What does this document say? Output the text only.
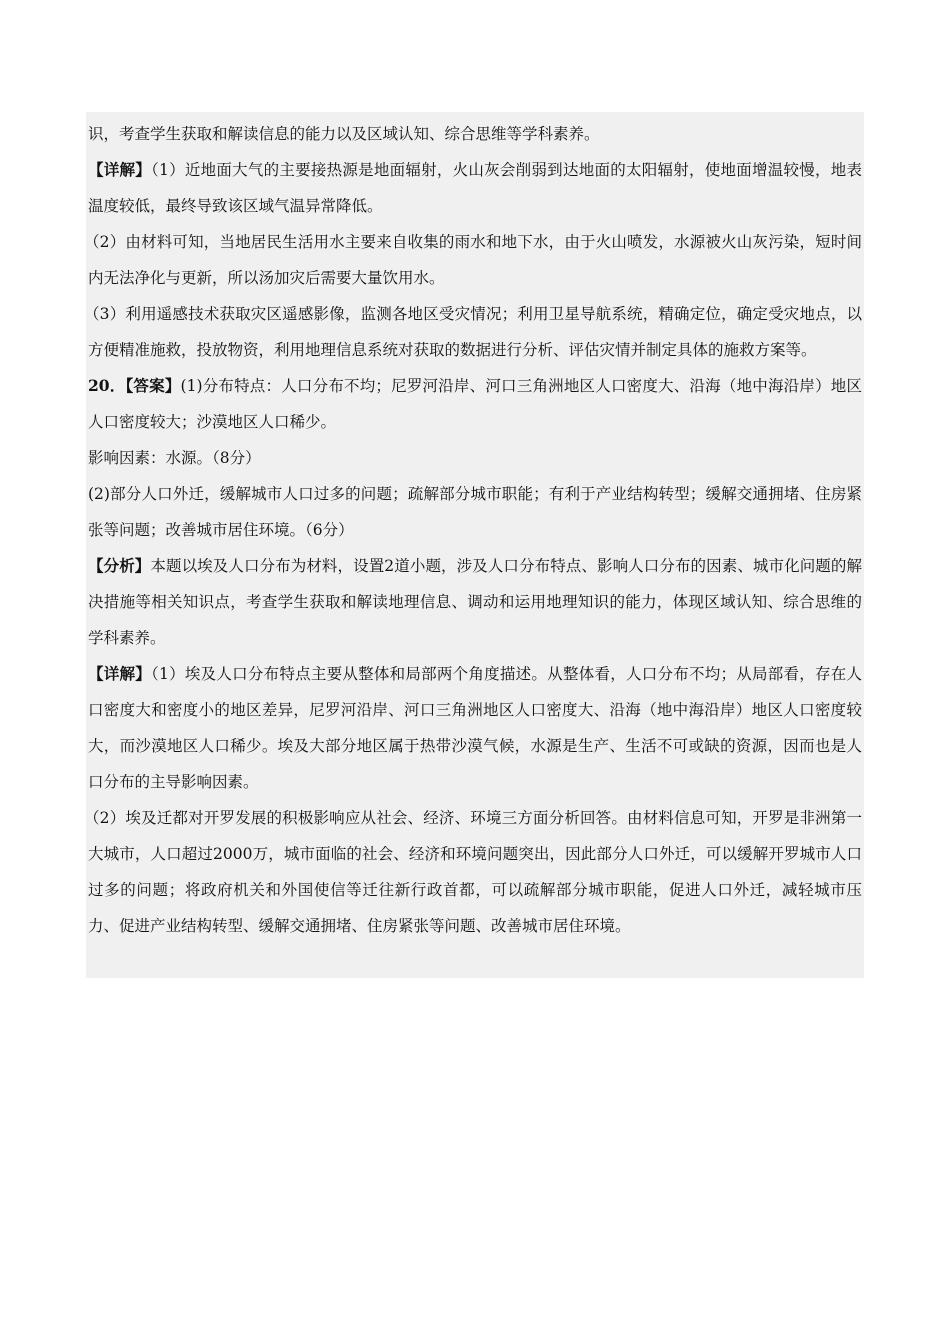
识，考查学生获取和解读信息的能力以及区域认知、综合思维等学科素养。

【详解】（1）近地面大气的主要接热源是地面辐射，火山灰会削弱到达地面的太阳辐射，使地面增温较慢，地表温度较低，最终导致该区域气温异常降低。

（2）由材料可知，当地居民生活用水主要来自收集的雨水和地下水，由于火山喷发，水源被火山灰污染，短时间内无法净化与更新，所以汤加灾后需要大量饮用水。

（3）利用遥感技术获取灾区遥感影像，监测各地区受灾情况；利用卫星导航系统，精确定位，确定受灾地点，以方便精准施救，投放物资，利用地理信息系统对获取的数据进行分析、评估灾情并制定具体的施救方案等。

20．【答案】(1)分布特点：人口分布不均；尼罗河沿岸、河口三角洲地区人口密度大、沿海（地中海沿岸）地区人口密度较大；沙漠地区人口稀少。

影响因素：水源。（8分）

(2)部分人口外迁，缓解城市人口过多的问题；疏解部分城市职能；有利于产业结构转型；缓解交通拥堵、住房紧张等问题；改善城市居住环境。（6分）

【分析】本题以埃及人口分布为材料，设置2道小题，涉及人口分布特点、影响人口分布的因素、城市化问题的解决措施等相关知识点，考查学生获取和解读地理信息、调动和运用地理知识的能力，体现区域认知、综合思维的学科素养。

【详解】（1）埃及人口分布特点主要从整体和局部两个角度描述。从整体看，人口分布不均；从局部看，存在人口密度大和密度小的地区差异，尼罗河沿岸、河口三角洲地区人口密度大、沿海（地中海沿岸）地区人口密度较大，而沙漠地区人口稀少。埃及大部分地区属于热带沙漠气候，水源是生产、生活不可或缺的资源，因而也是人口分布的主导影响因素。

（2）埃及迁都对开罗发展的积极影响应从社会、经济、环境三方面分析回答。由材料信息可知，开罗是非洲第一大城市，人口超过2000万，城市面临的社会、经济和环境问题突出，因此部分人口外迁，可以缓解开罗城市人口过多的问题；将政府机关和外国使信等迁往新行政首都，可以疏解部分城市职能，促进人口外迁，减轻城市压力、促进产业结构转型、缓解交通拥堵、住房紧张等问题、改善城市居住环境。
